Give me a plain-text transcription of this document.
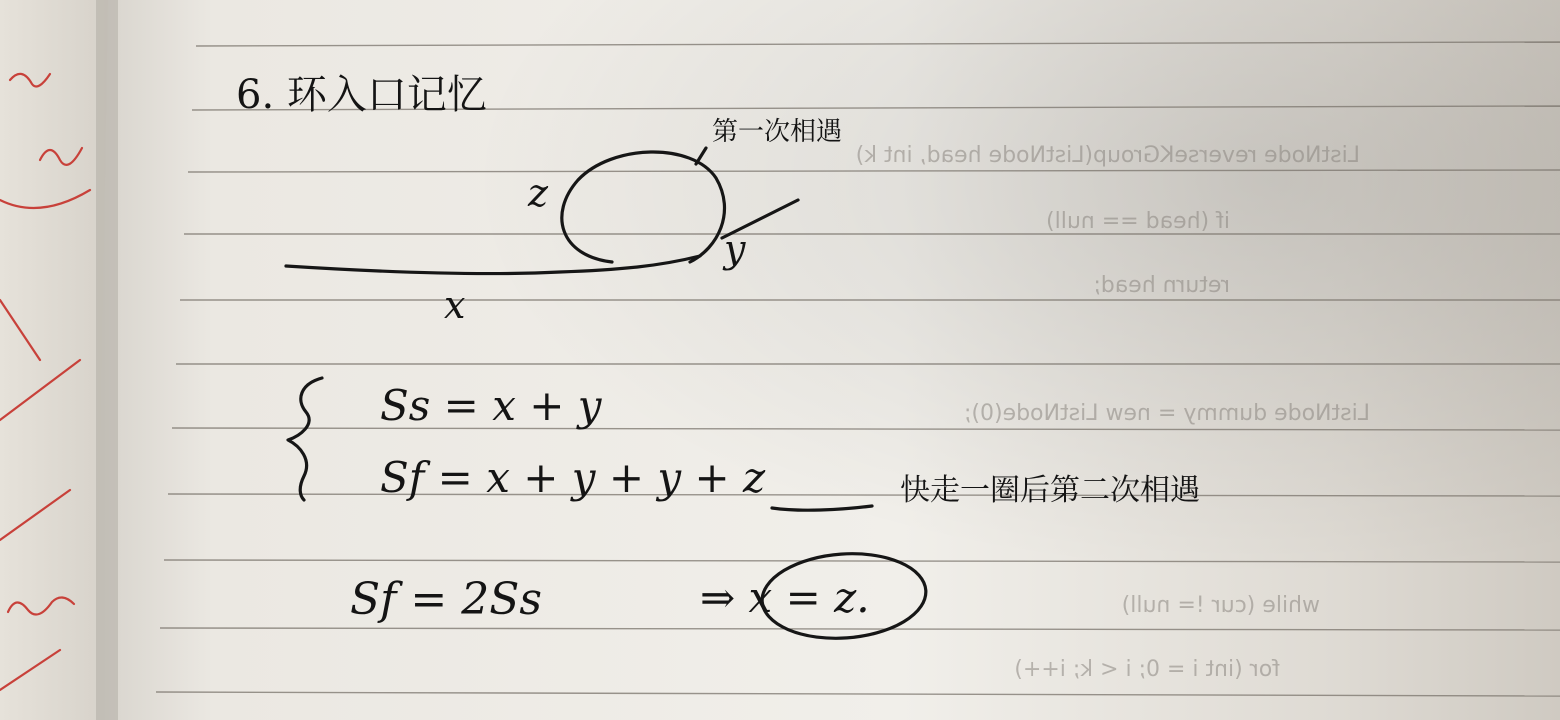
ListNode reverseKGroup(ListNode head, int k)
if (head == null)
return head;
ListNode dummy = new ListNode(0);
while (cur != null)
for (int i = 0; i < k; i++)
6. 环入口记忆
z
y
x
第一次相遇
Ss = x + y
Sf = x + y + y + z	快走一圈后第二次相遇
Sf = 2Ss	⇒ x = z.
